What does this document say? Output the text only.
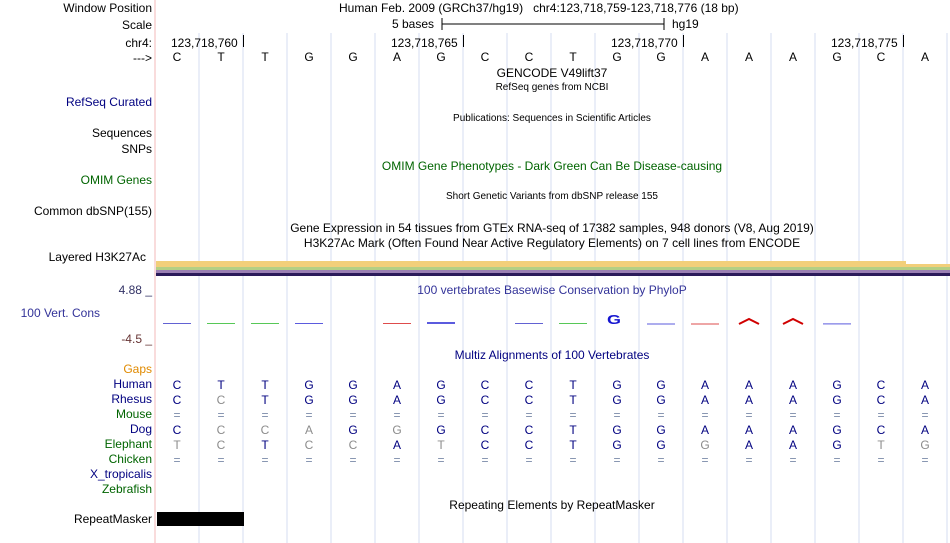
Window Position	Human Feb. 2009 (GRCh37/hg19)   chr4:123,718,759-123,718,776 (18 bp)
Scale	5 bases	hg19
chr4: 123,718,760	123,718,765	123,718,770	123,718,775
---> C	T	T	G	G	A	G	C	C	T	G	G	A	A	A	G	C	A
GENCODE V49lift37
RefSeq genes from NCBI
RefSeq Curated
Publications: Sequences in Scientific Articles
Sequences
SNPs
OMIM Gene Phenotypes - Dark Green Can Be Disease-causing
OMIM Genes
Short Genetic Variants from dbSNP release 155
Common dbSNP(155)
Gene Expression in 54 tissues from GTEx RNA-seq of 17382 samples, 948 donors (V8, Aug 2019)
H3K27Ac Mark (Often Found Near Active Regulatory Elements) on 7 cell lines from ENCODE
Layered H3K27Ac
4.88 _	100 vertebrates Basewise Conservation by PhyloP
100 Vert. Cons
-4.5 _
G
Multiz Alignments of 100 Vertebrates
Gaps
Human C	T	T	G	G	A	G	C	C	T	G	G	A	A	A	G	C	A
Rhesus C	C	T	G	G	A	G	C	C	T	G	G	A	A	A	G	C	A
Mouse =	=	=	=	=	=	=	=	=	=	=	=	=	=	=	=	=	=
Dog C	C	C	A	G	G	G	C	C	T	G	G	A	A	A	G	C	A
Elephant T	C	T	C	C	A	T	C	C	T	G	G	G	A	A	G	T	G
Chicken =	=	=	=	=	=	=	=	=	=	=	=	=	=	=	=	=	=
X_tropicalis
Zebrafish
Repeating Elements by RepeatMasker
RepeatMasker
